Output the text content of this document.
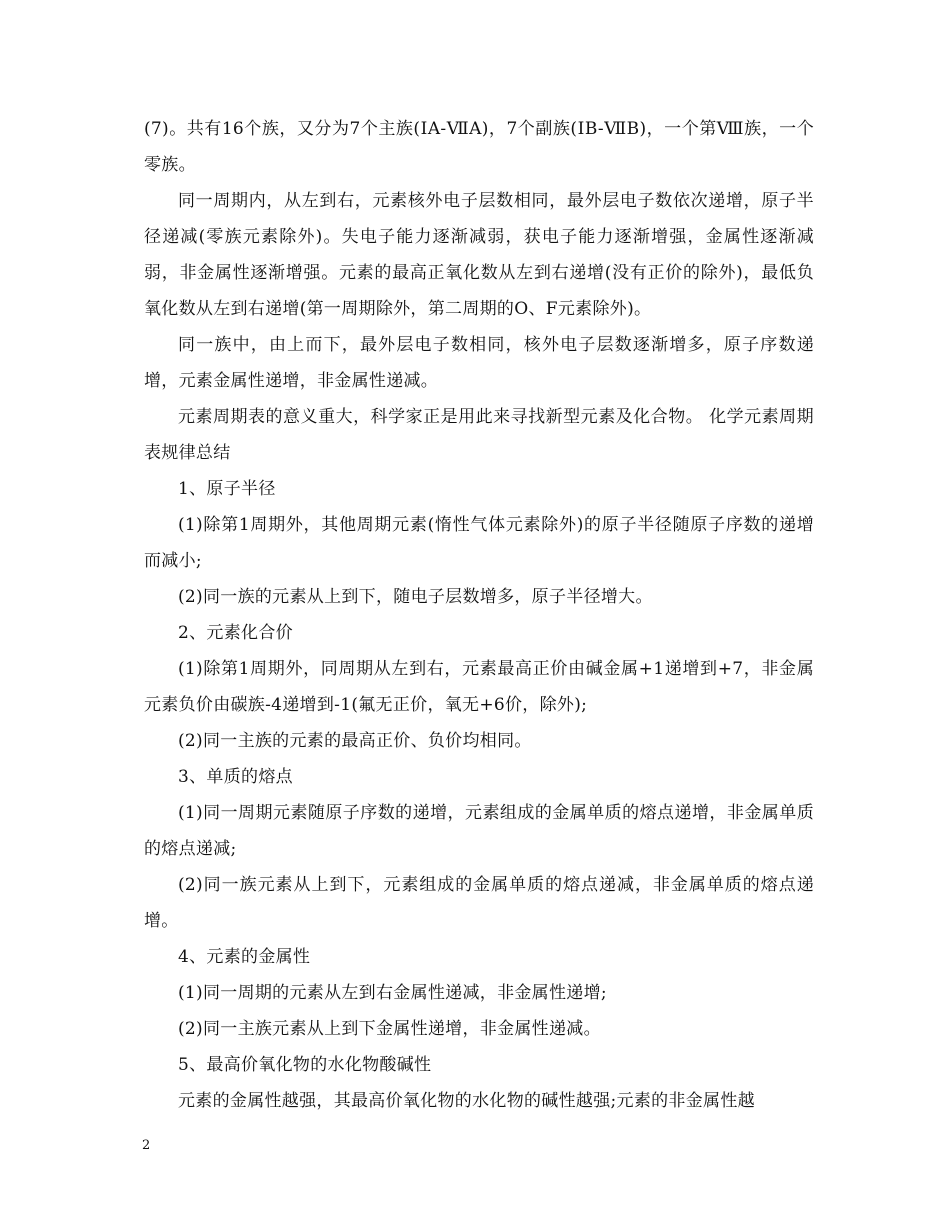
(7)。共有16个族，又分为7个主族(ⅠA-ⅦA)，7个副族(ⅠB-ⅦB)，一个第Ⅷ族，一个零族。

同一周期内，从左到右，元素核外电子层数相同，最外层电子数依次递增，原子半径递减(零族元素除外)。失电子能力逐渐减弱，获电子能力逐渐增强，金属性逐渐减弱，非金属性逐渐增强。元素的最高正氧化数从左到右递增(没有正价的除外)，最低负氧化数从左到右递增(第一周期除外，第二周期的O、F元素除外)。

同一族中，由上而下，最外层电子数相同，核外电子层数逐渐增多，原子序数递增，元素金属性递增，非金属性递减。

元素周期表的意义重大，科学家正是用此来寻找新型元素及化合物。 化学元素周期表规律总结

1、原子半径

(1)除第1周期外，其他周期元素(惰性气体元素除外)的原子半径随原子序数的递增而减小;

(2)同一族的元素从上到下，随电子层数增多，原子半径增大。

2、元素化合价

(1)除第1周期外，同周期从左到右，元素最高正价由碱金属+1递增到+7，非金属元素负价由碳族-4递增到-1(氟无正价，氧无+6价，除外);

(2)同一主族的元素的最高正价、负价均相同。

3、单质的熔点

(1)同一周期元素随原子序数的递增，元素组成的金属单质的熔点递增，非金属单质的熔点递减;

(2)同一族元素从上到下，元素组成的金属单质的熔点递减，非金属单质的熔点递增。

4、元素的金属性

(1)同一周期的元素从左到右金属性递减，非金属性递增;

(2)同一主族元素从上到下金属性递增，非金属性递减。

5、最高价氧化物的水化物酸碱性

元素的金属性越强，其最高价氧化物的水化物的碱性越强;元素的非金属性越

2
